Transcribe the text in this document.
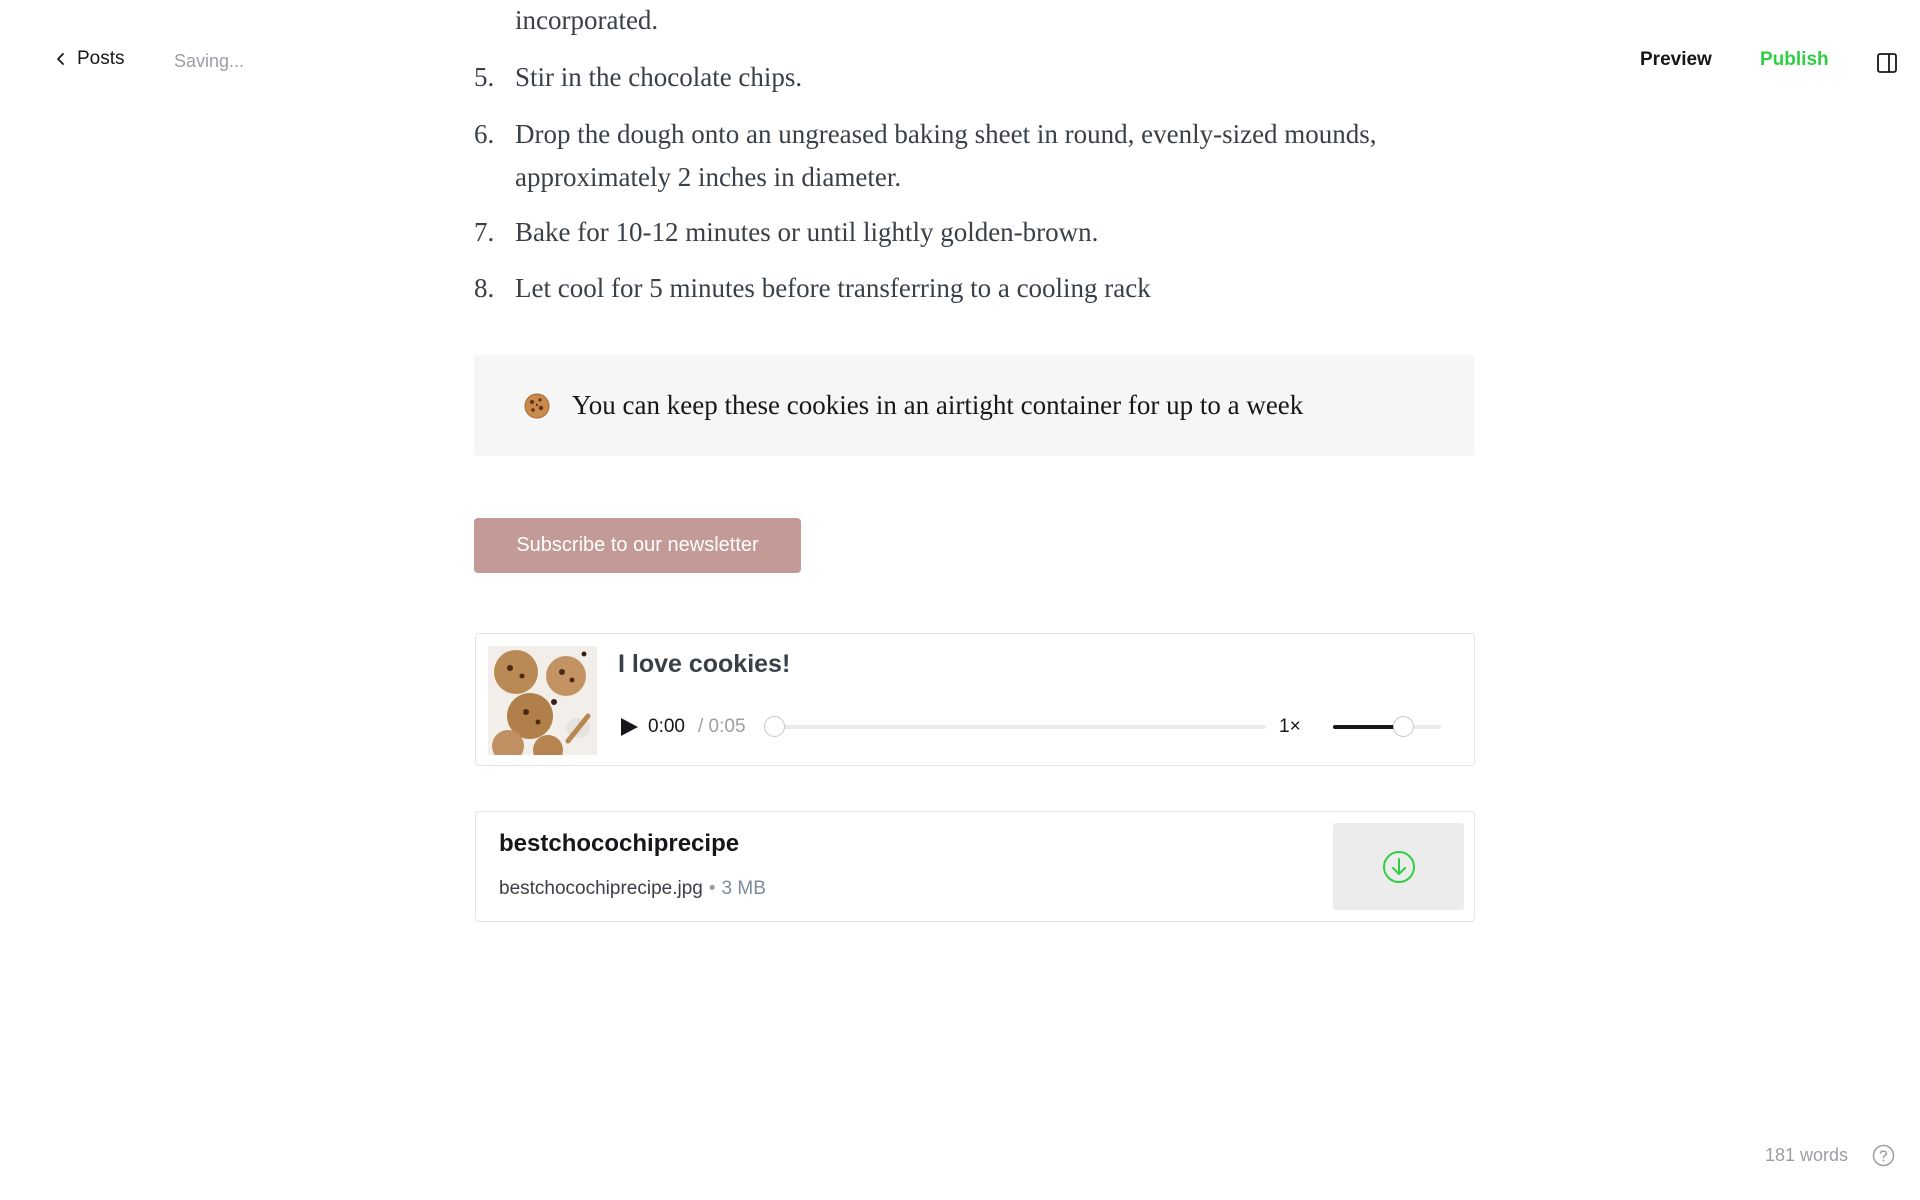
Posts	Saving...	Preview	Publish
incorporated.
5. Stir in the chocolate chips.
6. Drop the dough onto an ungreased baking sheet in round, evenly-sized mounds, approximately 2 inches in diameter.
7. Bake for 10-12 minutes or until lightly golden-brown.
8. Let cool for 5 minutes before transferring to a cooling rack
You can keep these cookies in an airtight container for up to a week
Subscribe to our newsletter
I love cookies!
0:00 / 0:05	1×
bestchocochiprecipe
bestchocochiprecipe.jpg • 3 MB
181 words
